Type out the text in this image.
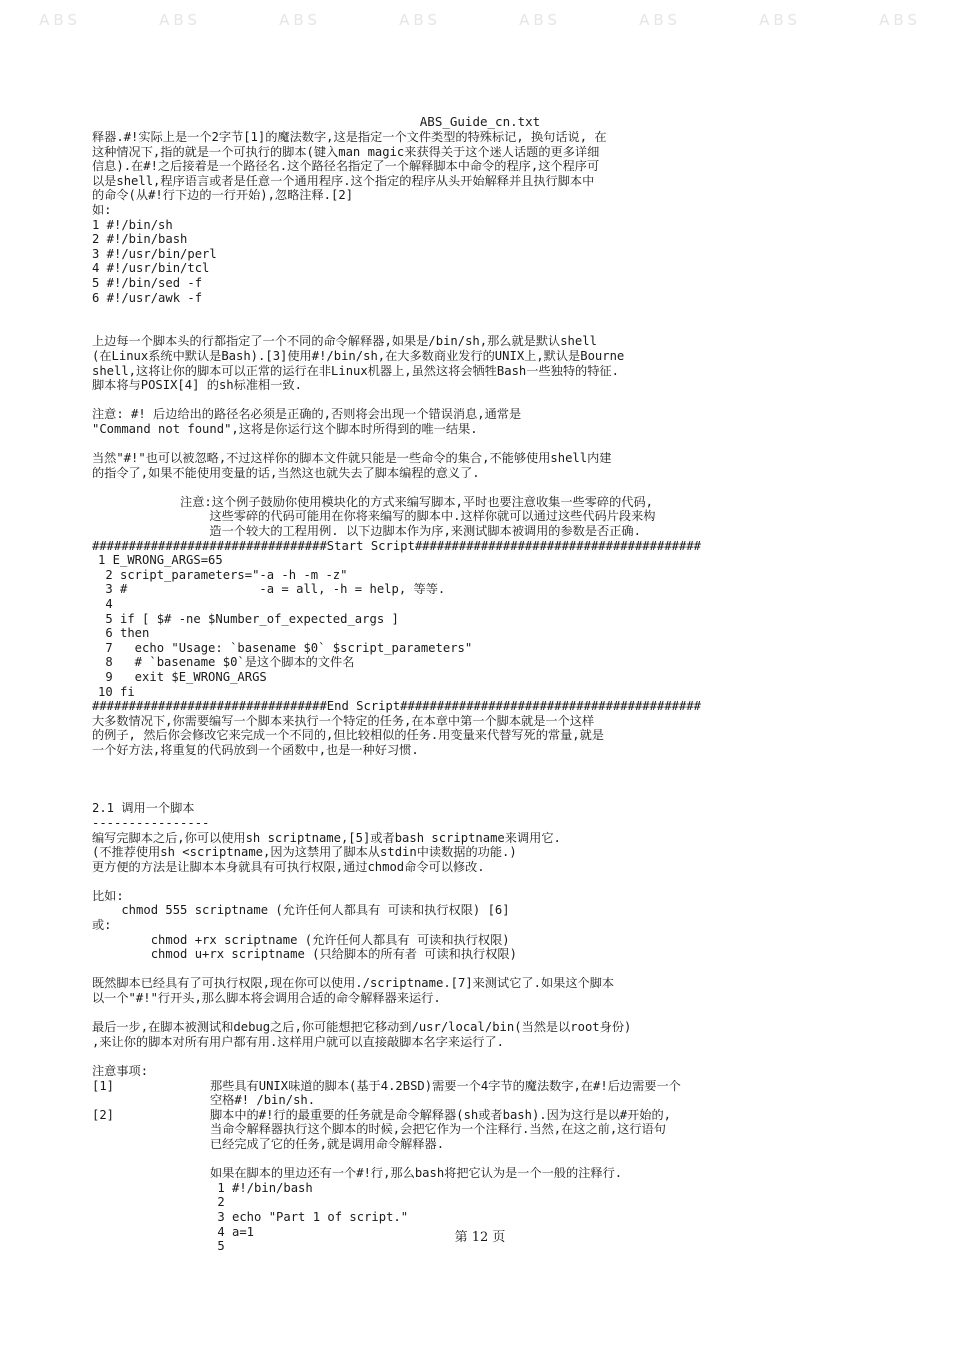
ABS	ABS	ABS	ABS	ABS	ABS	ABS	ABS
ABS_Guide_cn.txt
释器.#!实际上是一个2字节[1]的魔法数字,这是指定一个文件类型的特殊标记, 换句话说, 在
这种情况下,指的就是一个可执行的脚本(键入man magic来获得关于这个迷人话题的更多详细
信息).在#!之后接着是一个路径名.这个路径名指定了一个解释脚本中命令的程序,这个程序可
以是shell,程序语言或者是任意一个通用程序.这个指定的程序从头开始解释并且执行脚本中
的命令(从#!行下边的一行开始),忽略注释.[2]
如:
1 #!/bin/sh
2 #!/bin/bash
3 #!/usr/bin/perl
4 #!/usr/bin/tcl
5 #!/bin/sed -f
6 #!/usr/awk -f
上边每一个脚本头的行都指定了一个不同的命令解释器,如果是/bin/sh,那么就是默认shell
(在Linux系统中默认是Bash).[3]使用#!/bin/sh,在大多数商业发行的UNIX上,默认是Bourne
shell,这将让你的脚本可以正常的运行在非Linux机器上,虽然这将会牺牲Bash一些独特的特征.
脚本将与POSIX[4] 的sh标准相一致.
注意: #! 后边给出的路径名必须是正确的,否则将会出现一个错误消息,通常是
"Command not found",这将是你运行这个脚本时所得到的唯一结果.
当然"#!"也可以被忽略,不过这样你的脚本文件就只能是一些命令的集合,不能够使用shell内建
的指令了,如果不能使用变量的话,当然这也就失去了脚本编程的意义了.
注意:这个例子鼓励你使用模块化的方式来编写脚本,平时也要注意收集一些零碎的代码,
这些零碎的代码可能用在你将来编写的脚本中.这样你就可以通过这些代码片段来构
造一个较大的工程用例. 以下边脚本作为序,来测试脚本被调用的参数是否正确.
################################Start Script#######################################
1 E_WRONG_ARGS=65
2 script_parameters="-a -h -m -z"
3 #                  -a = all, -h = help, 等等.
4
5 if [ $# -ne $Number_of_expected_args ]
6 then
7   echo "Usage: `basename $0` $script_parameters"
8   # `basename $0`是这个脚本的文件名
9   exit $E_WRONG_ARGS
10 fi
################################End Script#########################################
大多数情况下,你需要编写一个脚本来执行一个特定的任务,在本章中第一个脚本就是一个这样
的例子, 然后你会修改它来完成一个不同的,但比较相似的任务.用变量来代替写死的常量,就是
一个好方法,将重复的代码放到一个函数中,也是一种好习惯.
2.1 调用一个脚本
----------------
编写完脚本之后,你可以使用sh scriptname,[5]或者bash scriptname来调用它.
(不推荐使用sh <scriptname,因为这禁用了脚本从stdin中读数据的功能.)
更方便的方法是让脚本本身就具有可执行权限,通过chmod命令可以修改.
比如:
chmod 555 scriptname (允许任何人都具有 可读和执行权限) [6]
或:
chmod +rx scriptname (允许任何人都具有 可读和执行权限)
chmod u+rx scriptname (只给脚本的所有者 可读和执行权限)
既然脚本已经具有了可执行权限,现在你可以使用./scriptname.[7]来测试它了.如果这个脚本
以一个"#!"行开头,那么脚本将会调用合适的命令解释器来运行.
最后一步,在脚本被测试和debug之后,你可能想把它移动到/usr/local/bin(当然是以root身份)
,来让你的脚本对所有用户都有用.这样用户就可以直接敲脚本名字来运行了.
注意事项:
[1]	那些具有UNIX味道的脚本(基于4.2BSD)需要一个4字节的魔法数字,在#!后边需要一个
空格#! /bin/sh.
[2]	脚本中的#!行的最重要的任务就是命令解释器(sh或者bash).因为这行是以#开始的,
当命令解释器执行这个脚本的时候,会把它作为一个注释行.当然,在这之前,这行语句
已经完成了它的任务,就是调用命令解释器.

如果在脚本的里边还有一个#!行,那么bash将把它认为是一个一般的注释行.
1 #!/bin/bash
2
3 echo "Part 1 of script."
4 a=1
5
第 12 页
